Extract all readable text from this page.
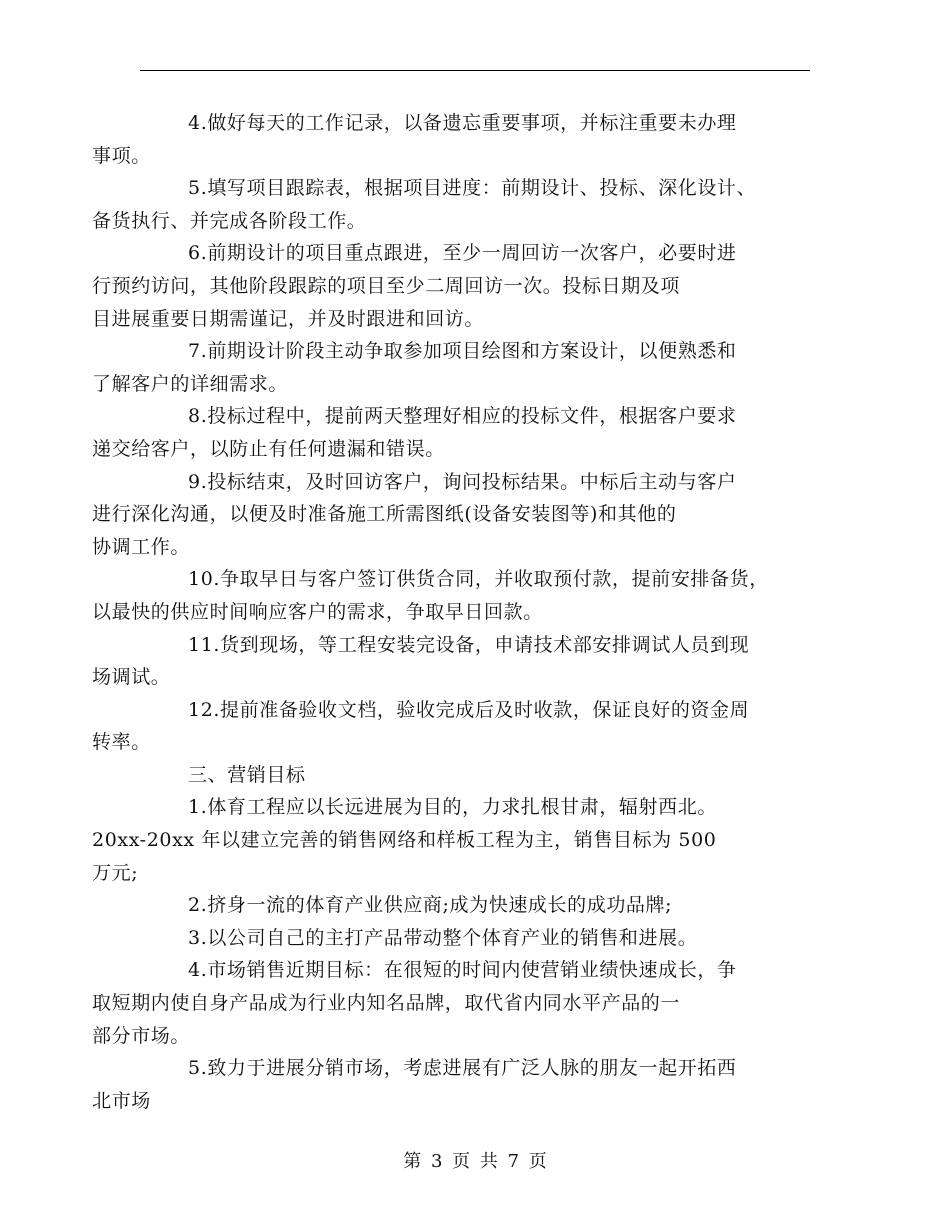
4.做好每天的工作记录，以备遗忘重要事项，并标注重要未办理
事项。
5.填写项目跟踪表，根据项目进度：前期设计、投标、深化设计、
备货执行、并完成各阶段工作。
6.前期设计的项目重点跟进，至少一周回访一次客户，必要时进
行预约访问，其他阶段跟踪的项目至少二周回访一次。投标日期及项
目进展重要日期需谨记，并及时跟进和回访。
7.前期设计阶段主动争取参加项目绘图和方案设计，以便熟悉和
了解客户的详细需求。
8.投标过程中，提前两天整理好相应的投标文件，根据客户要求
递交给客户，以防止有任何遗漏和错误。
9.投标结束，及时回访客户，询问投标结果。中标后主动与客户
进行深化沟通，以便及时准备施工所需图纸(设备安装图等)和其他的
协调工作。
10.争取早日与客户签订供货合同，并收取预付款，提前安排备货，
以最快的供应时间响应客户的需求，争取早日回款。
11.货到现场，等工程安装完设备，申请技术部安排调试人员到现
场调试。
12.提前准备验收文档，验收完成后及时收款，保证良好的资金周
转率。
三、营销目标
1.体育工程应以长远进展为目的，力求扎根甘肃，辐射西北。
20xx-20xx 年以建立完善的销售网络和样板工程为主，销售目标为 500
万元;
2.挤身一流的体育产业供应商;成为快速成长的成功品牌;
3.以公司自己的主打产品带动整个体育产业的销售和进展。
4.市场销售近期目标：在很短的时间内使营销业绩快速成长，争
取短期内使自身产品成为行业内知名品牌，取代省内同水平产品的一
部分市场。
5.致力于进展分销市场，考虑进展有广泛人脉的朋友一起开拓西
北市场
第 3 页 共 7 页
